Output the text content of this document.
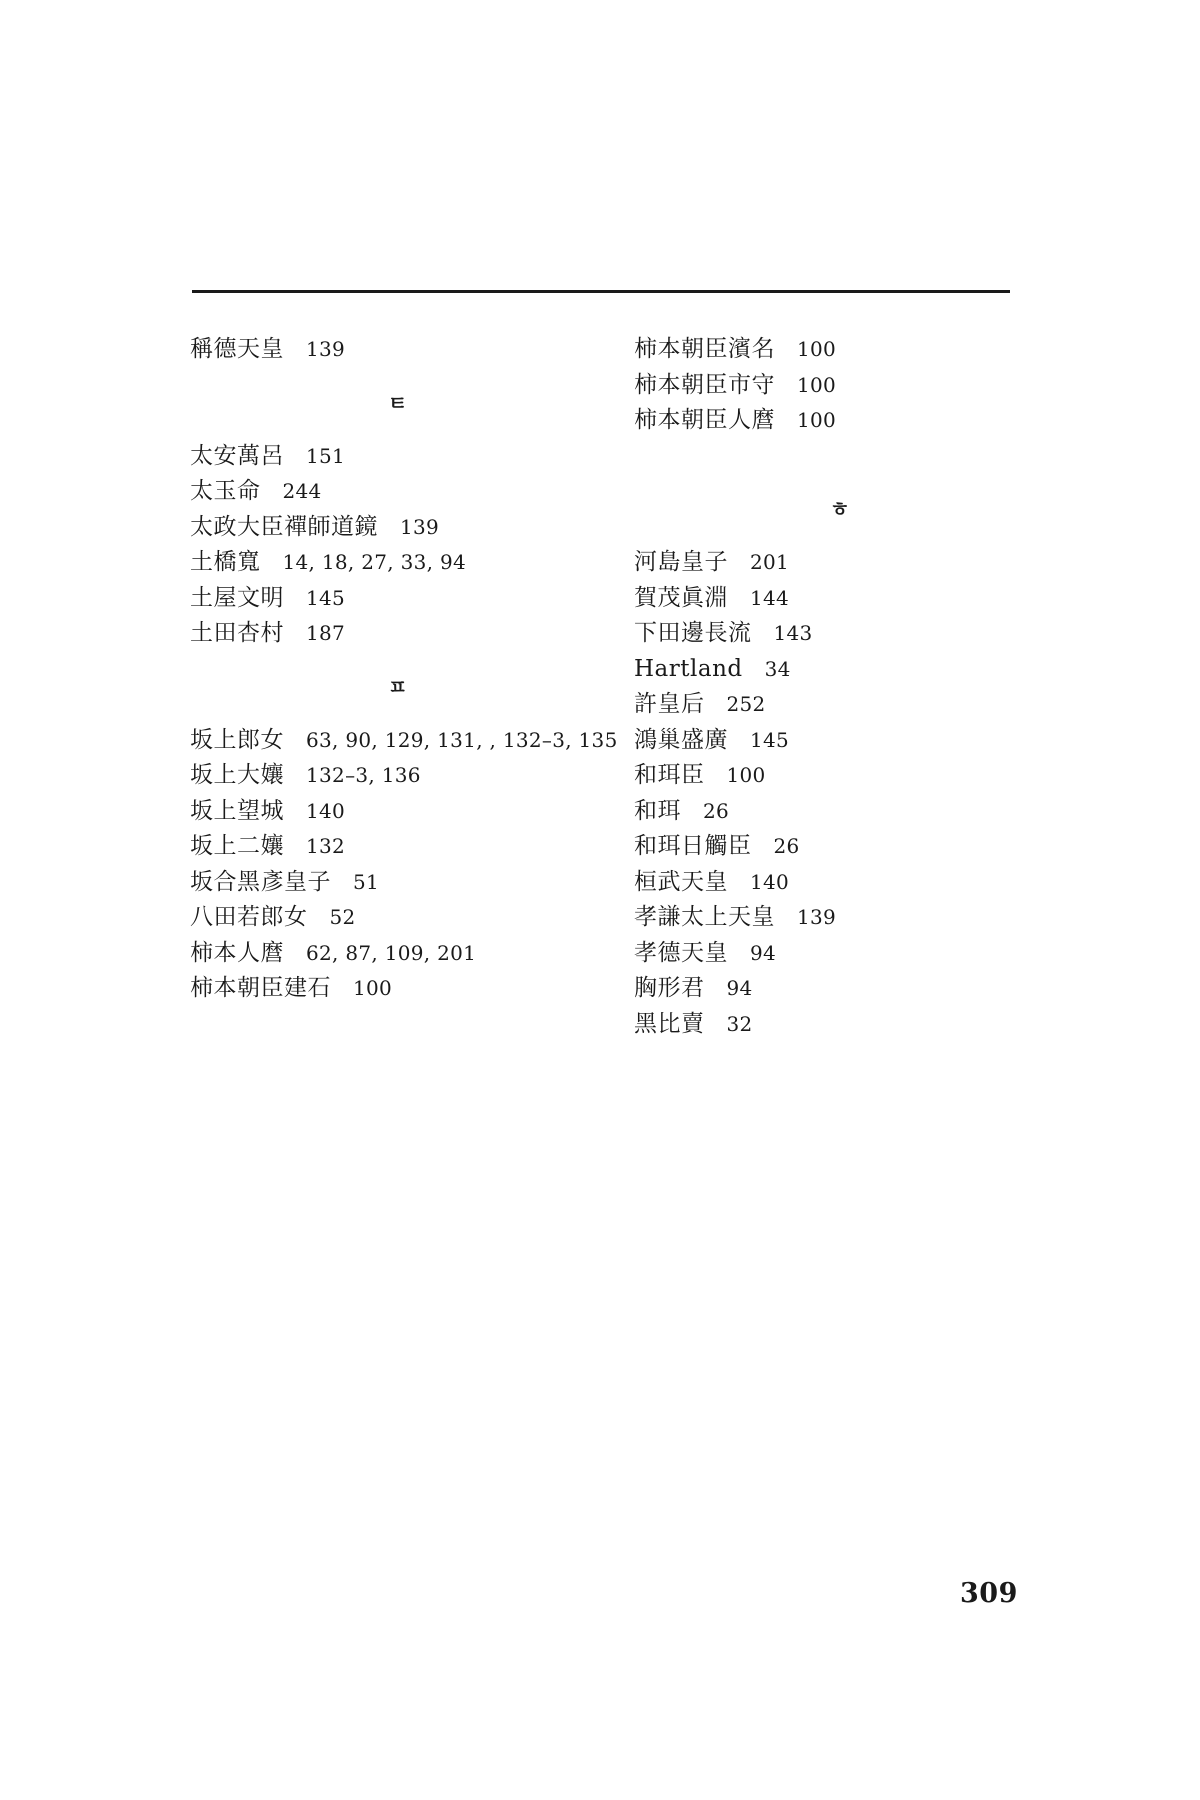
稱德天皇 139
ㅌ
太安萬呂 151
太玉命 244
太政大臣禪師道鏡 139
土橋寬 14, 18, 27, 33, 94
土屋文明 145
土田杏村 187
ㅍ
坂上郎女 63, 90, 129, 131, , 132–3, 135
坂上大孃 132–3, 136
坂上望城 140
坂上二孃 132
坂合黑彥皇子 51
八田若郎女 52
柿本人麿 62, 87, 109, 201
柿本朝臣建石 100
柿本朝臣濱名 100
柿本朝臣市守 100
柿本朝臣人麿 100
ㅎ
河島皇子 201
賀茂眞淵 144
下田邊長流 143
Hartland 34
許皇后 252
鴻巢盛廣 145
和珥臣 100
和珥 26
和珥日觸臣 26
桓武天皇 140
孝謙太上天皇 139
孝德天皇 94
胸形君 94
黑比賣 32
309
